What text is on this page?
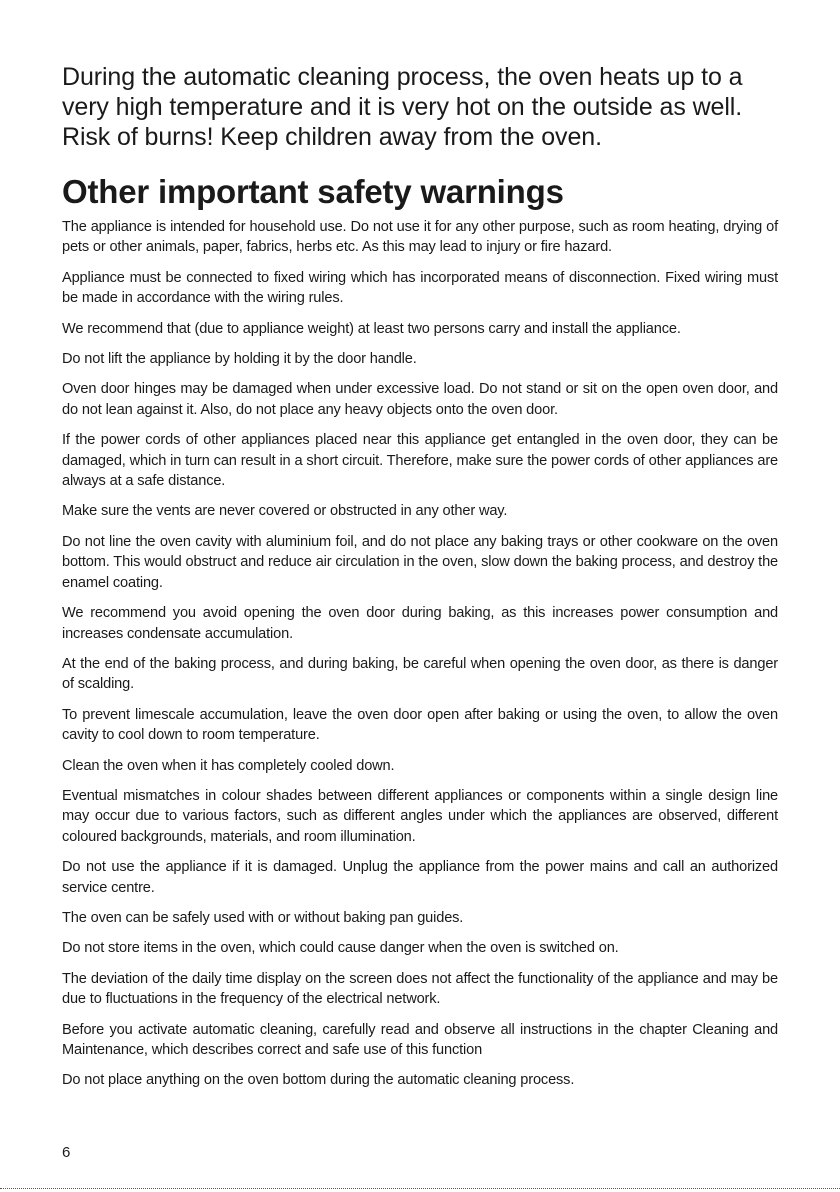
During the automatic cleaning process, the oven heats up to a very high temperature and it is very hot on the outside as well. Risk of burns! Keep children away from the oven.

Other important safety warnings

The appliance is intended for household use. Do not use it for any other purpose, such as room heating, drying of pets or other animals, paper, fabrics, herbs etc. As this may lead to injury or fire hazard.

Appliance must be connected to fixed wiring which has incorporated means of disconnection. Fixed wiring must be made in accordance with the wiring rules.

We recommend that (due to appliance weight) at least two persons carry and install the appliance.

Do not lift the appliance by holding it by the door handle.

Oven door hinges may be damaged when under excessive load. Do not stand or sit on the open oven door, and do not lean against it. Also, do not place any heavy objects onto the oven door.

If the power cords of other appliances placed near this appliance get entangled in the oven door, they can be damaged, which in turn can result in a short circuit. Therefore, make sure the power cords of other appliances are always at a safe distance.

Make sure the vents are never covered or obstructed in any other way.

Do not line the oven cavity with aluminium foil, and do not place any baking trays or other cookware on the oven bottom. This would obstruct and reduce air circulation in the oven, slow down the baking process, and destroy the enamel coating.

We recommend you avoid opening the oven door during baking, as this increases power consumption and increases condensate accumulation.

At the end of the baking process, and during baking, be careful when opening the oven door, as there is danger of scalding.

To prevent limescale accumulation, leave the oven door open after baking or using the oven, to allow the oven cavity to cool down to room temperature.

Clean the oven when it has completely cooled down.

Eventual mismatches in colour shades between different appliances or components within a single design line may occur due to various factors, such as different angles under which the appliances are observed, different coloured backgrounds, materials, and room illumination.

Do not use the appliance if it is damaged. Unplug the appliance from the power mains and call an authorized service centre.

The oven can be safely used with or without baking pan guides.

Do not store items in the oven, which could cause danger when the oven is switched on.

The deviation of the daily time display on the screen does not affect the functionality of the appliance and may be due to fluctuations in the frequency of the electrical network.

Before you activate automatic cleaning, carefully read and observe all instructions in the chapter Cleaning and Maintenance, which describes correct and safe use of this function

Do not place anything on the oven bottom during the automatic cleaning process.

6
